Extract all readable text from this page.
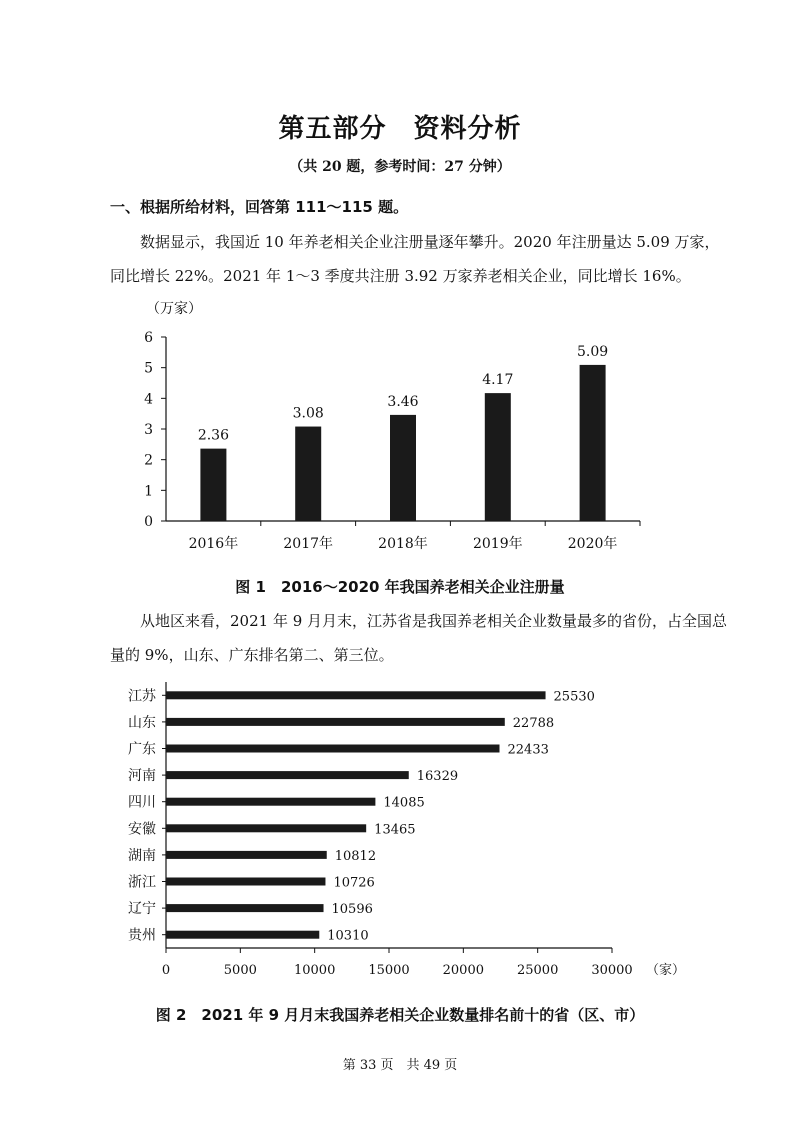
第五部分　资料分析
（共 20 题，参考时间：27 分钟）
一、根据所给材料，回答第 111～115 题。
数据显示，我国近 10 年养老相关企业注册量逐年攀升。2020 年注册量达 5.09 万家，同比增长 22%。2021 年 1～3 季度共注册 3.92 万家养老相关企业，同比增长 16%。
（万家）
0
1
2
3
4
5
6
2.36
2016年
3.08
2017年
3.46
2018年
4.17
2019年
5.09
2020年
图 1　2016～2020 年我国养老相关企业注册量
从地区来看，2021 年 9 月月末，江苏省是我国养老相关企业数量最多的省份，占全国总量的 9%，山东、广东排名第二、第三位。
0	5000	10000	15000	20000	25000	30000 （家）
25530
江苏
22788
山东
22433
广东
16329
河南
14085
四川
13465
安徽
10812
湖南
10726
浙江
10596
辽宁
10310
贵州
图 2　2021 年 9 月月末我国养老相关企业数量排名前十的省（区、市）
第 33 页　共 49 页
